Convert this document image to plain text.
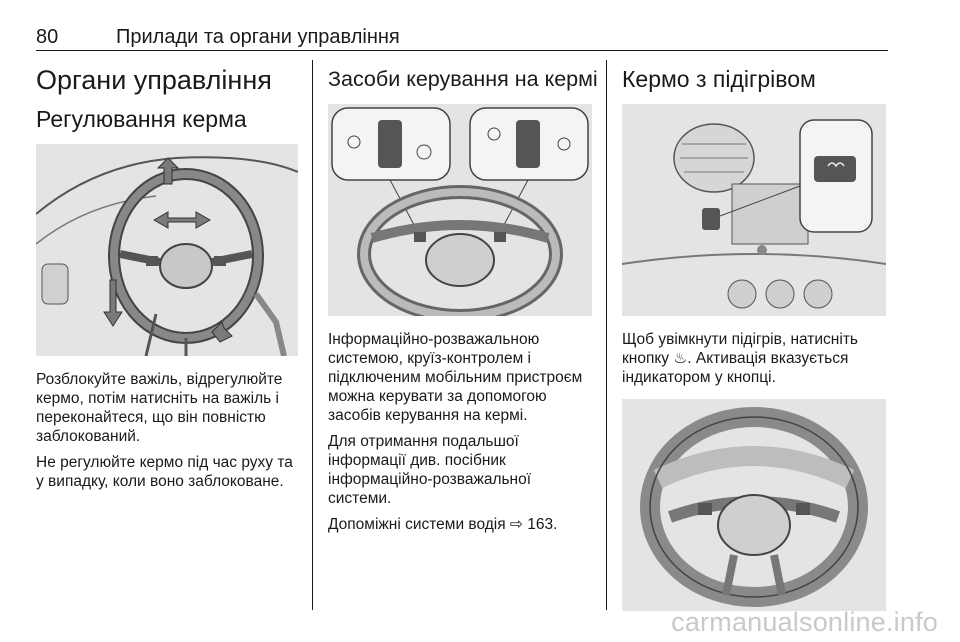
80	Прилади та органи управління
Органи управління
Регулювання керма

Розблокуйте важіль, відрегулюйте кермо, потім натисніть на важіль і переконайтеся, що він повністю заблокований.

Не регулюйте кермо під час руху та у випадку, коли воно заблоковане.

Засоби керування на кермі

Інформаційно-розважальною системою, круїз-контролем і підключеним мобільним пристроєм можна керувати за допомогою засобів керування на кермі.

Для отримання подальшої інформації див. посібник інформаційно-розважальної системи.

Допоміжні системи водія ⇨ 163.

Кермо з підігрівом

Щоб увімкнути підігрів, натисніть кнопку ♨. Активація вказується індикатором у кнопці.

carmanualsonline.info
